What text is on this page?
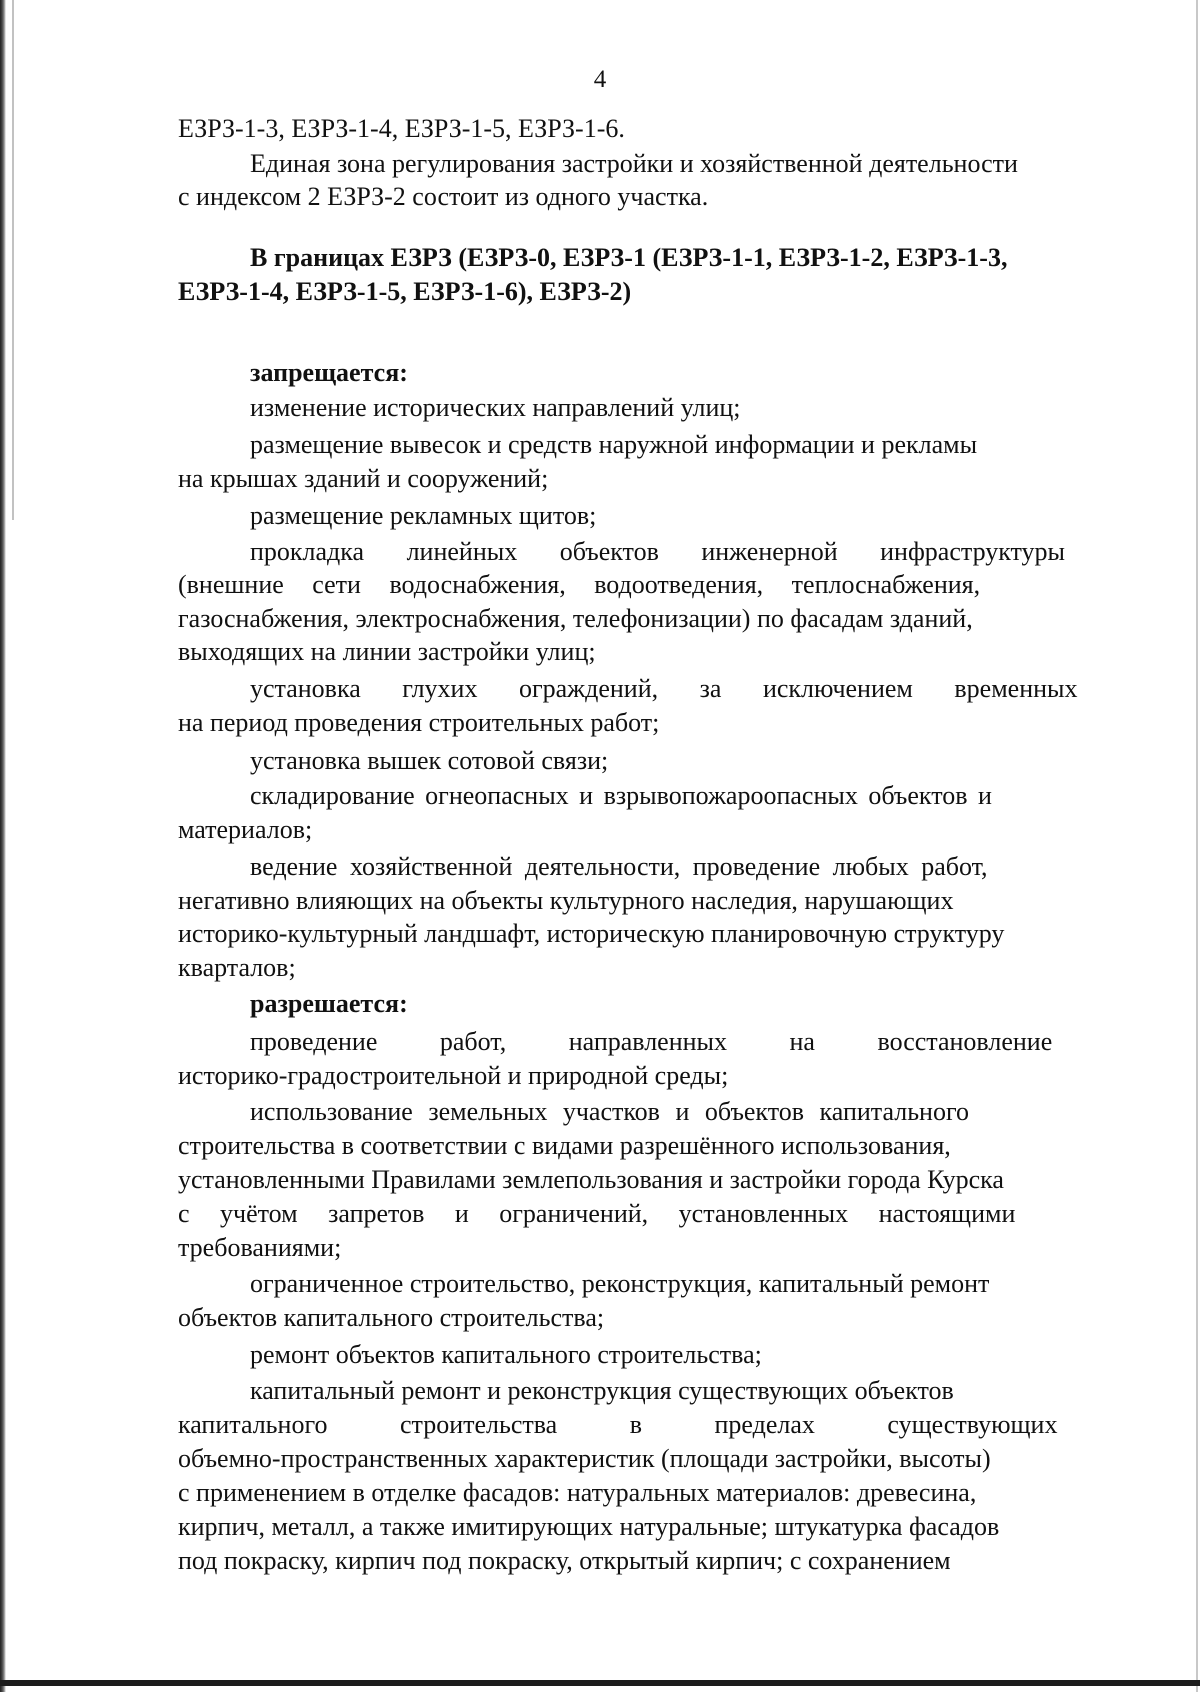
4
ЕЗРЗ-1-3, ЕЗРЗ-1-4, ЕЗРЗ-1-5, ЕЗРЗ-1-6.
Единая зона регулирования застройки и хозяйственной деятельности
с индексом 2 ЕЗРЗ-2 состоит из одного участка.
В границах ЕЗРЗ (ЕЗРЗ-0, ЕЗРЗ-1 (ЕЗРЗ-1-1, ЕЗРЗ-1-2, ЕЗРЗ-1-3,
ЕЗРЗ-1-4, ЕЗРЗ-1-5, ЕЗРЗ-1-6), ЕЗРЗ-2)
запрещается:
изменение исторических направлений улиц;
размещение вывесок и средств наружной информации и рекламы
на крышах зданий и сооружений;
размещение рекламных щитов;
прокладка линейных объектов инженерной инфраструктуры
(внешние сети водоснабжения, водоотведения, теплоснабжения,
газоснабжения, электроснабжения, телефонизации) по фасадам зданий,
выходящих на линии застройки улиц;
установка глухих ограждений, за исключением временных
на период проведения строительных работ;
установка вышек сотовой связи;
складирование огнеопасных и взрывопожароопасных объектов и
материалов;
ведение хозяйственной деятельности, проведение любых работ,
негативно влияющих на объекты культурного наследия, нарушающих
историко-культурный ландшафт, историческую планировочную структуру
кварталов;
разрешается:
проведение работ, направленных на восстановление
историко-градостроительной и природной среды;
использование земельных участков и объектов капитального
строительства в соответствии с видами разрешённого использования,
установленными Правилами землепользования и застройки города Курска
с учётом запретов и ограничений, установленных настоящими
требованиями;
ограниченное строительство, реконструкция, капитальный ремонт
объектов капитального строительства;
ремонт объектов капитального строительства;
капитальный ремонт и реконструкция существующих объектов
капитального строительства в пределах существующих
объемно-пространственных характеристик (площади застройки, высоты)
с применением в отделке фасадов: натуральных материалов: древесина,
кирпич, металл, а также имитирующих натуральные; штукатурка фасадов
под покраску, кирпич под покраску, открытый кирпич; с сохранением
